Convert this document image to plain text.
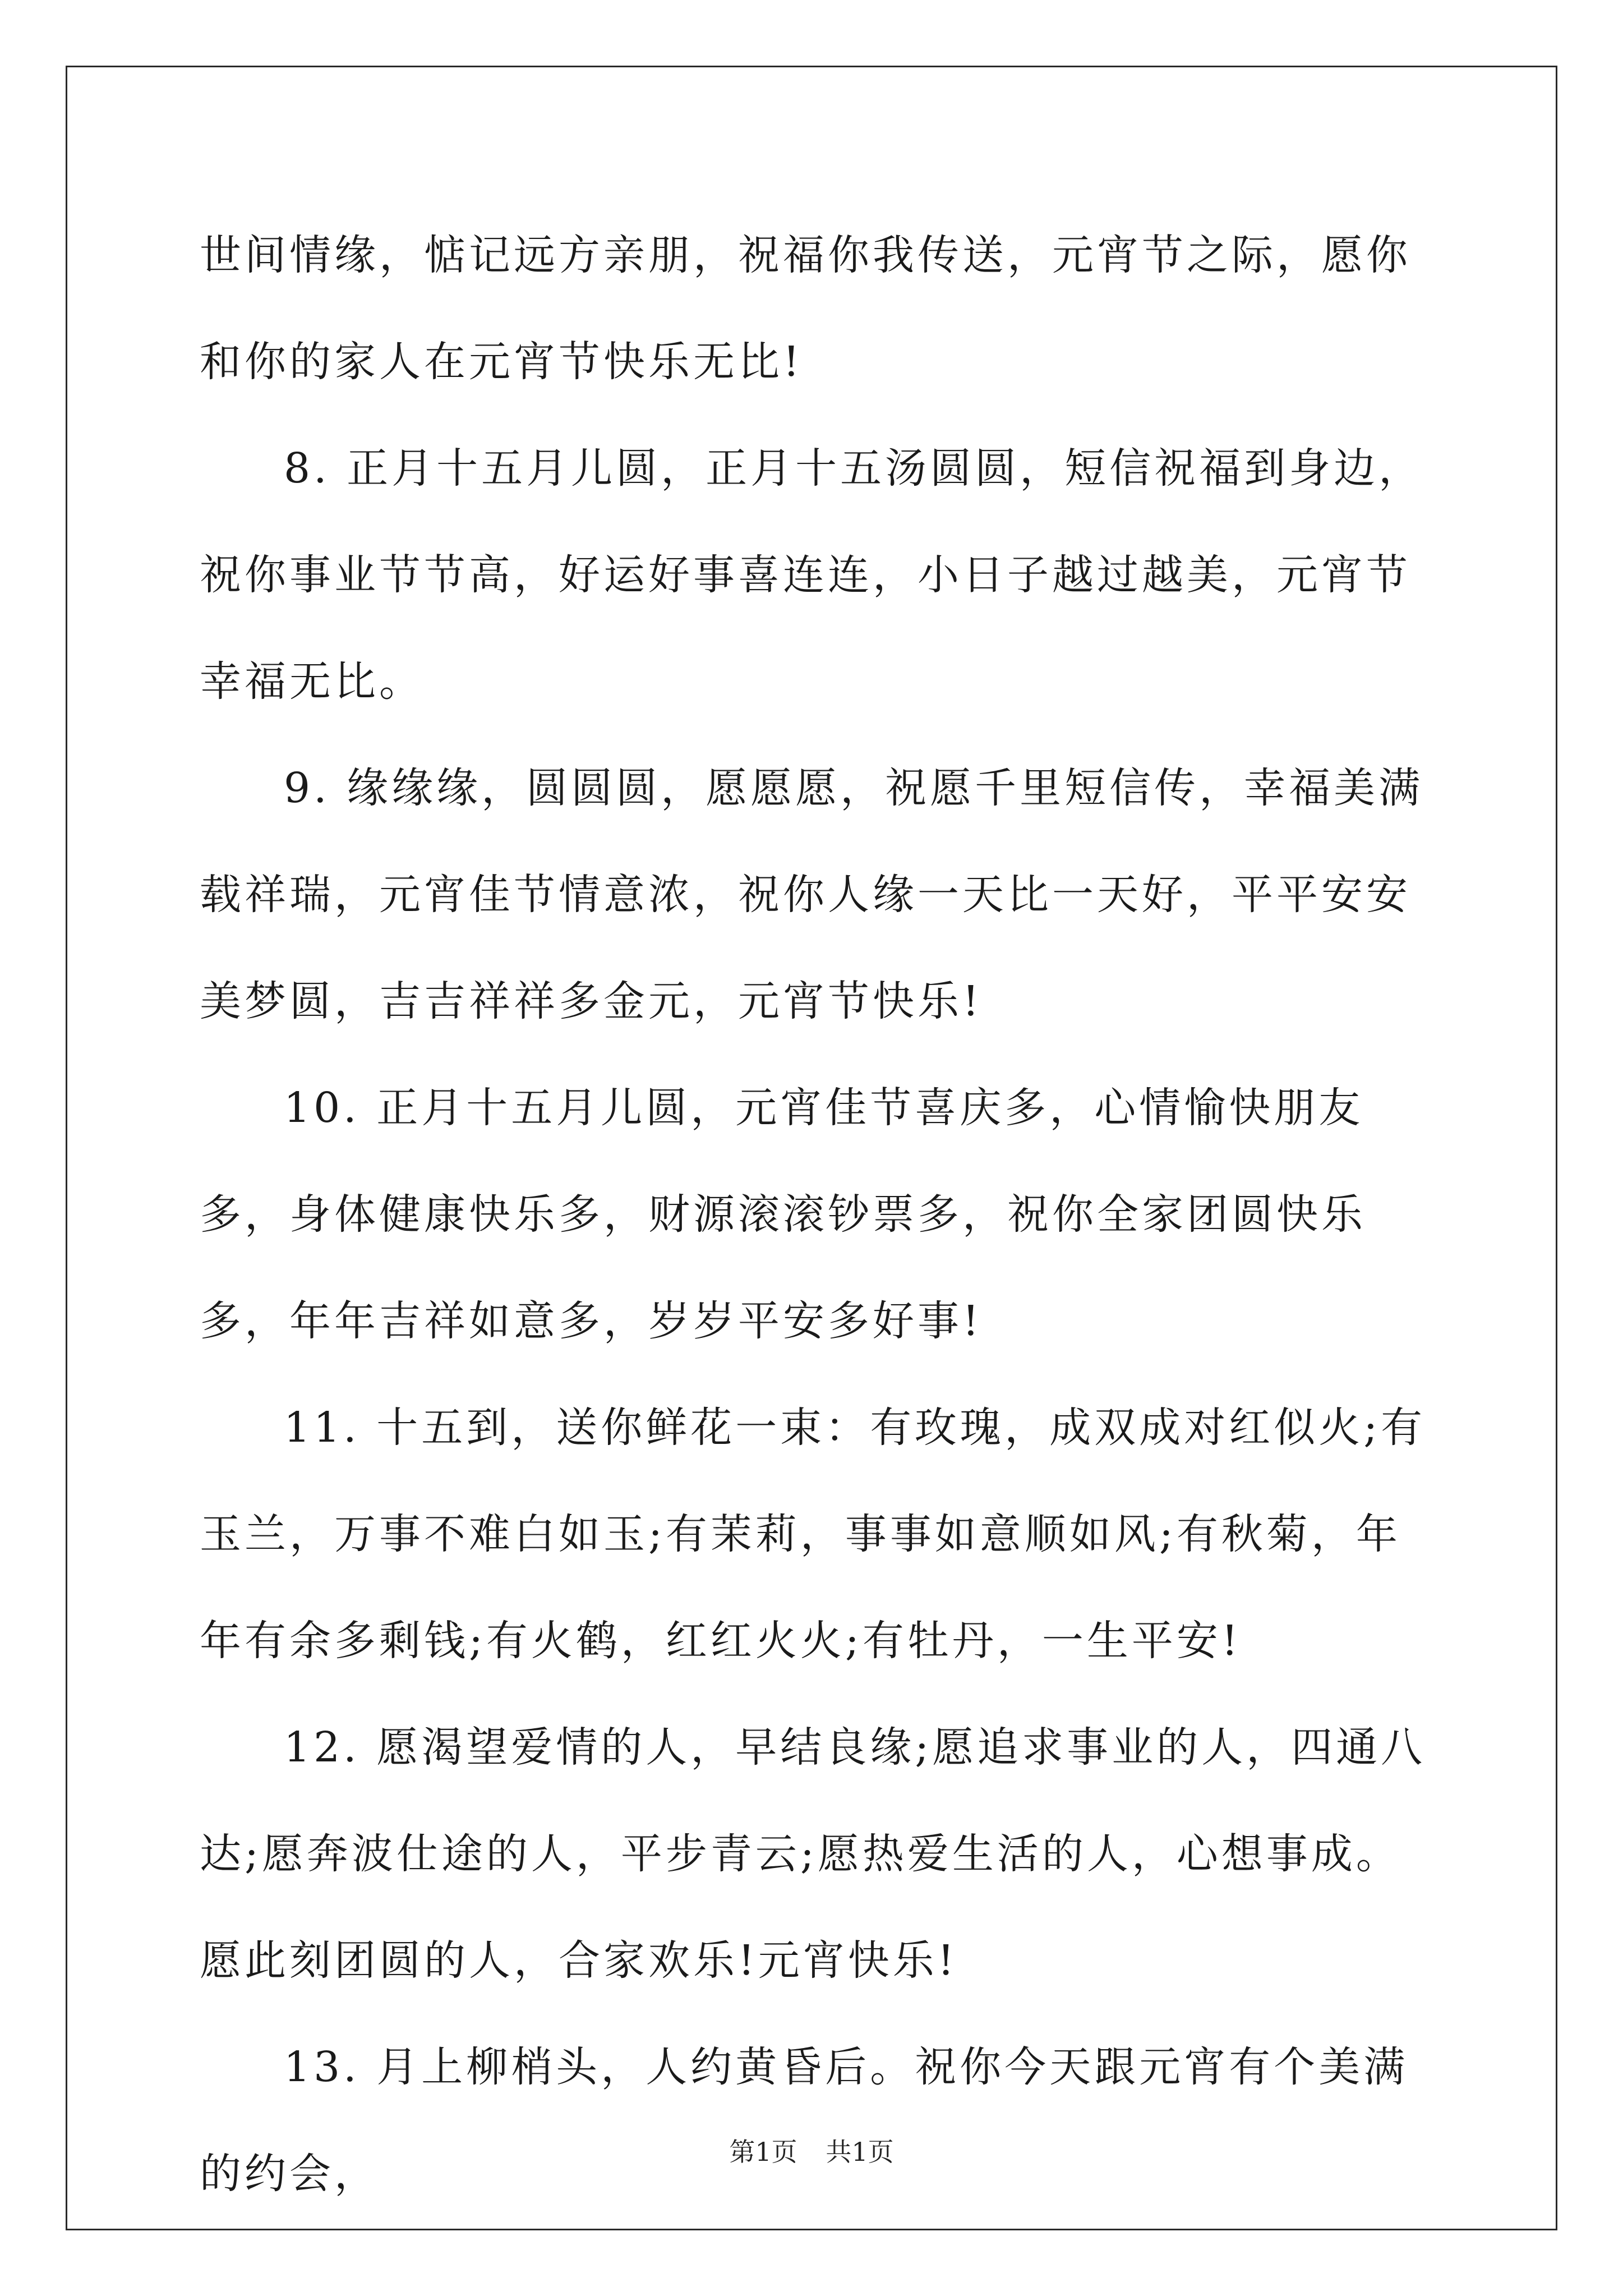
世间情缘，惦记远方亲朋，祝福你我传送，元宵节之际，愿你和你的家人在元宵节快乐无比!

8. 正月十五月儿圆，正月十五汤圆圆，短信祝福到身边，祝你事业节节高，好运好事喜连连，小日子越过越美，元宵节幸福无比。

9. 缘缘缘，圆圆圆，愿愿愿，祝愿千里短信传，幸福美满载祥瑞，元宵佳节情意浓，祝你人缘一天比一天好，平平安安美梦圆，吉吉祥祥多金元，元宵节快乐!

10. 正月十五月儿圆，元宵佳节喜庆多，心情愉快朋友多，身体健康快乐多，财源滚滚钞票多，祝你全家团圆快乐多，年年吉祥如意多，岁岁平安多好事!

11. 十五到，送你鲜花一束：有玫瑰，成双成对红似火;有玉兰，万事不难白如玉;有茉莉，事事如意顺如风;有秋菊，年年有余多剩钱;有火鹤，红红火火;有牡丹，一生平安!

12. 愿渴望爱情的人，早结良缘;愿追求事业的人，四通八达;愿奔波仕途的人，平步青云;愿热爱生活的人，心想事成。愿此刻团圆的人，合家欢乐!元宵快乐!

13. 月上柳梢头，人约黄昏后。祝你今天跟元宵有个美满的约会，	第1页 共1页
